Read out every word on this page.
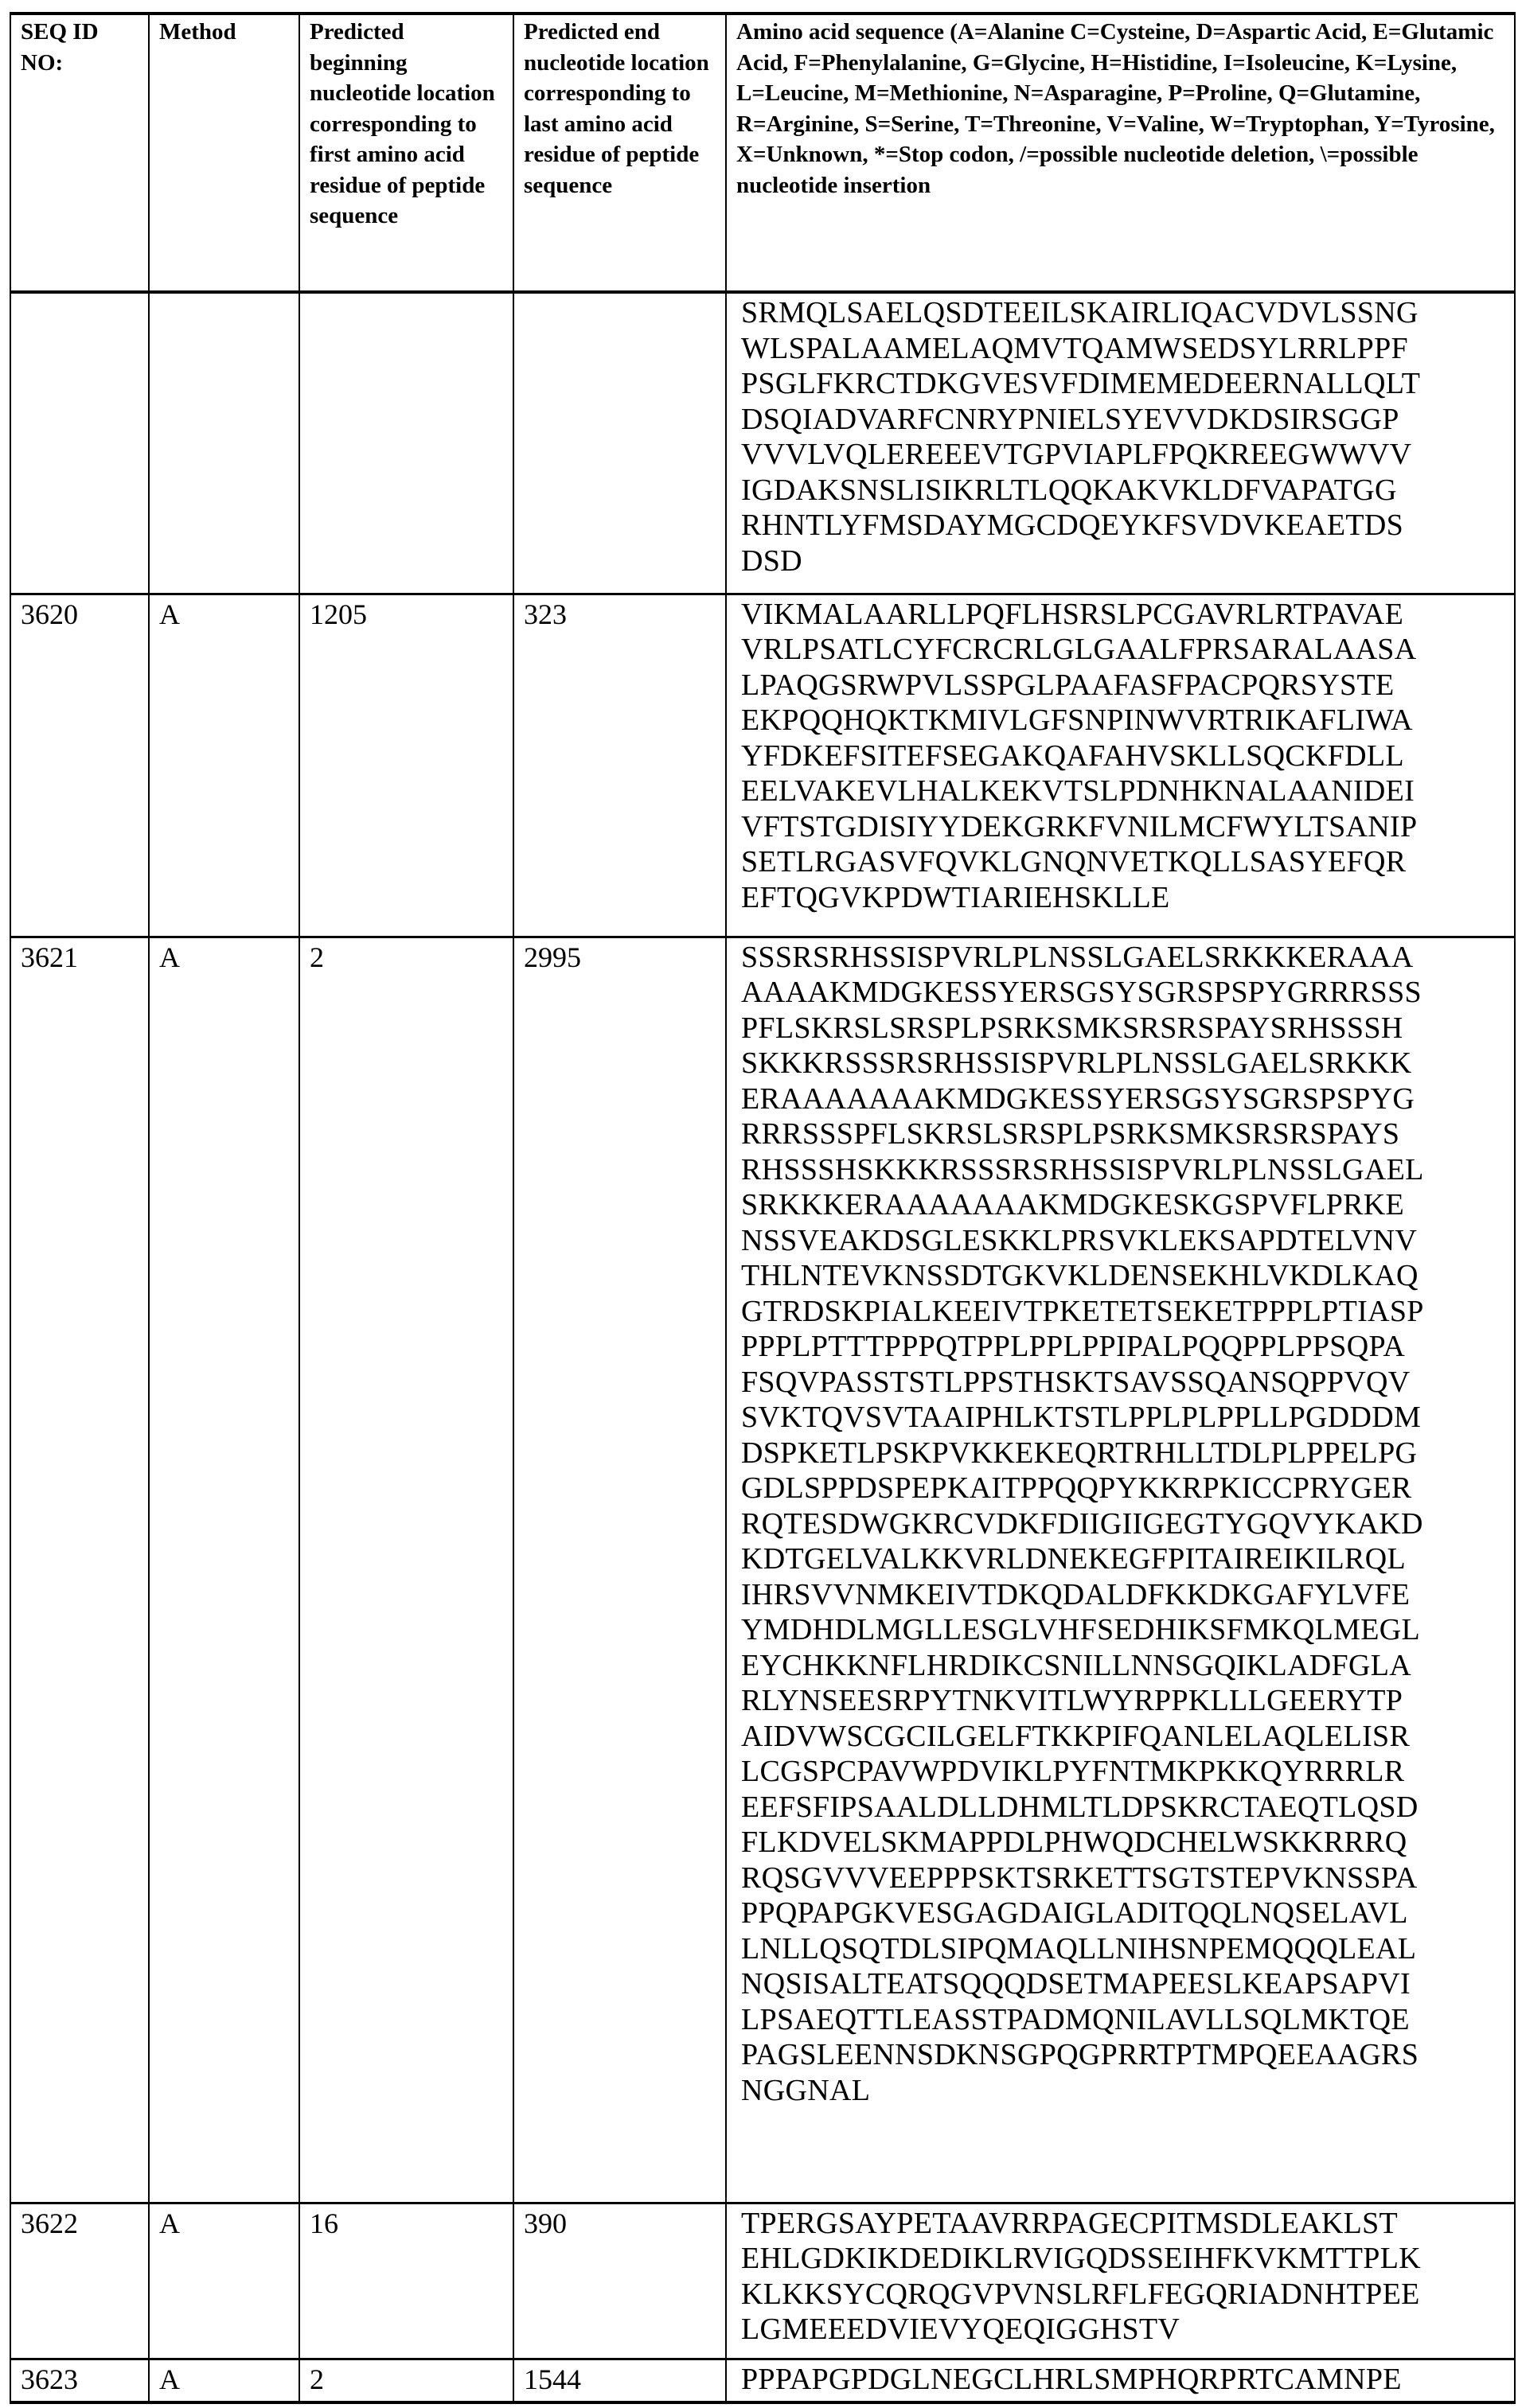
SEQ ID NO:	Method	Predicted beginning nucleotide location corresponding to first amino acid residue of peptide sequence	Predicted end nucleotide location corresponding to last amino acid residue of peptide sequence	Amino acid sequence (A=Alanine C=Cysteine, D=Aspartic Acid, E=Glutamic Acid, F=Phenylalanine, G=Glycine, H=Histidine, I=Isoleucine, K=Lysine, L=Leucine, M=Methionine, N=Asparagine, P=Proline, Q=Glutamine, R=Arginine, S=Serine, T=Threonine, V=Valine, W=Tryptophan, Y=Tyrosine, X=Unknown, *=Stop codon, /=possible nucleotide deletion, \=possible nucleotide insertion

SRMQLSAELQSDTEEILSKAIRLIQACVDVLSSNG
WLSPALAAMELAQMVTQAMWSEDSYLRRLPPF
PSGLFKRCTDKGVESVFDIMEMEDEERNALLQLT
DSQIADVARFCNRYPNIELSYEVVDKDSIRSGGP
VVVLVQLEREEEVTGPVIAPLFPQKREEGWWVV
IGDAKSNSLISIKRLTLQQKAKVKLDFVAPATGG
RHNTLYFMSDAYMGCDQEYKFSVDVKEAETDS
DSD

3620	A	1205	323	VIKMALAARLLPQFLHSRSLPCGAVRLRTPAVAE
VRLPSATLCYFCRCRLGLGAALFPRSARALAASA
LPAQGSRWPVLSSPGLPAAFASFPACPQRSYSTE
EKPQQHQKTKMIVLGFSNPINWVRTRIKAFLIWA
YFDKEFSITEFSEGAKQAFAHVSKLLSQCKFDLL
EELVAKEVLHALKEKVTSLPDNHKNALAANIDEI
VFTSTGDISIYYDEKGRKFVNILMCFWYLTSANIP
SETLRGASVFQVKLGNQNVETKQLLSASYEFQR
EFTQGVKPDWTIARIEHSKLLE

3621	A	2	2995	SSSRSRHSSISPVRLPLNSSLGAELSRKKKERAAA
AAAAKMDGKESSYERSGSYSGRSPSPYGRRRSSS
PFLSKRSLSRSPLPSRKSMKSRSRSPAYSRHSSSH
SKKKRSSSRSRHSSISPVRLPLNSSLGAELSRKKK
ERAAAAAAAKMDGKESSYERSGSYSGRSPSPYG
RRRSSSPFLSKRSLSRSPLPSRKSMKSRSRSPAYS
RHSSSHSKKKRSSSRSRHSSISPVRLPLNSSLGAEL
SRKKKERAAAAAAAKMDGKESKGSPVFLPRKE
NSSVEAKDSGLESKKLPRSVKLEKSAPDTELVNV
THLNTEVKNSSDTGKVKLDENSEKHLVKDLKAQ
GTRDSKPIALKEEIVTPKETETSEKETPPPLPTIASP
PPPLPTTTPPPQTPPLPPLPPIPALPQQPPLPPSQPA
FSQVPASSTSTLPPSTHSKTSAVSSQANSQPPVQV
SVKTQVSVTAAIPHLKTSTLPPLPLPPLLPGDDDM
DSPKETLPSKPVKKEKEQRTRHLLTDLPLPPELPG
GDLSPPDSPEPKAITPPQQPYKKRPKICCPRYGER
RQTESDWGKRCVDKFDIIGIIGEGTYGQVYKAKD
KDTGELVALKKVRLDNEKEGFPITAIREIKILRQL
IHRSVVNMKEIVTDKQDALDFKKDKGAFYLVFE
YMDHDLMGLLESGLVHFSEDHIKSFMKQLMEGL
EYCHKKNFLHRDIKCSNILLNNSGQIKLADFGLA
RLYNSEESRPYTNKVITLWYRPPKLLLGEERYTP
AIDVWSCGCILGELFTKKPIFQANLELAQLELISR
LCGSPCPAVWPDVIKLPYFNTMKPKKQYRRRLR
EEFSFIPSAALDLLDHMLTLDPSKRCTAEQTLQSD
FLKDVELSKMAPPDLPHWQDCHELWSKKRRRQ
RQSGVVVEEPPPSKTSRKETTSGTSTEPVKNSSPA
PPQPAPGKVESGAGDAIGLADITQQLNQSELAVL
LNLLQSQTDLSIPQMAQLLNIHSNPEMQQQLEAL
NQSISALTEATSQQQDSETMAPEESLKEAPSAPVI
LPSAEQTTLEASSTPADMQNILAVLLSQLMKTQE
PAGSLEENNSDKNSGPQGPRRTPTMPQEEAAGRS
NGGNAL

3622	A	16	390	TPERGSAYPETAAVRRPAGECPITMSDLEAKLST
EHLGDKIKDEDIKLRVIGQDSSEIHFKVKMTTPLK
KLKKSYCQRQGVPVNSLRFLFEGQRIADNHTPEE
LGMEEEDVIEVYQEQIGGHSTV

3623	A	2	1544	PPPAPGPDGLNEGCLHRLSMPHQRPRTCAMNPE
